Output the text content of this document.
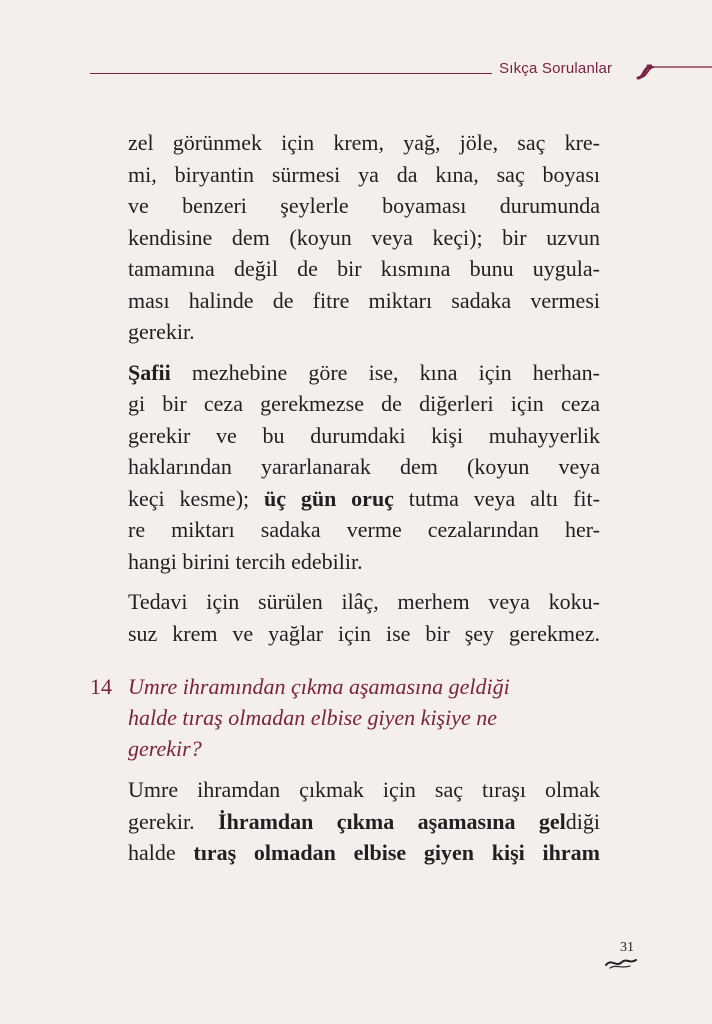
Sıkça Sorulanlar
zel görünmek için krem, yağ, jöle, saç kre-
mi, biryantin sürmesi ya da kına, saç boyası
ve benzeri şeylerle boyaması durumunda
kendisine dem (koyun veya keçi); bir uzvun
tamamına değil de bir kısmına bunu uygula-
ması halinde de fitre miktarı sadaka vermesi
gerekir.
Şafii mezhebine göre ise, kına için herhan-
gi bir ceza gerekmezse de diğerleri için ceza
gerekir ve bu durumdaki kişi muhayyerlik
haklarından yararlanarak dem (koyun veya
keçi kesme); üç gün oruç tutma veya altı fit-
re miktarı sadaka verme cezalarından her-
hangi birini tercih edebilir.
Tedavi için sürülen ilâç, merhem veya koku-
suz krem ve yağlar için ise bir şey gerekmez.
14 Umre ihramından çıkma aşamasına geldiği
halde tıraş olmadan elbise giyen kişiye ne
gerekir?
Umre ihramdan çıkmak için saç tıraşı olmak
gerekir. İhramdan çıkma aşamasına geldiği
halde tıraş olmadan elbise giyen kişi ihram
31
